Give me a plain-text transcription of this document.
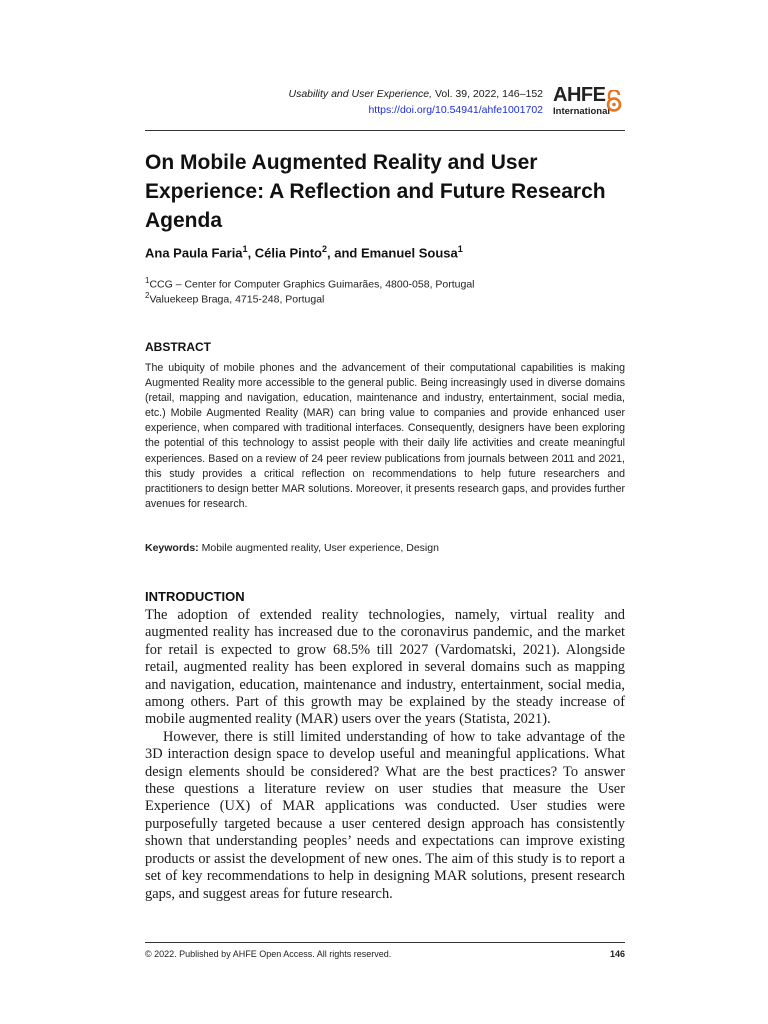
Usability and User Experience, Vol. 39, 2022, 146–152
https://doi.org/10.54941/ahfe1001702
AHFE
International
On Mobile Augmented Reality and User Experience: A Reflection and Future Research Agenda
Ana Paula Faria$^1$, Célia Pinto$^2$, and Emanuel Sousa$^1$
$^1$CCG – Center for Computer Graphics Guimarães, 4800-058, Portugal
$^2$Valuekeep Braga, 4715-248, Portugal
ABSTRACT

The ubiquity of mobile phones and the advancement of their computational capabilities is making Augmented Reality more accessible to the general public. Being increasingly used in diverse domains (retail, mapping and navigation, education, maintenance and industry, entertainment, social media, etc.) Mobile Augmented Reality (MAR) can bring value to companies and provide enhanced user experience, when compared with traditional interfaces. Consequently, designers have been exploring the potential of this technology to assist people with their daily life activities and create meaningful experiences. Based on a review of 24 peer review publications from journals between 2011 and 2021, this study provides a critical reflection on recommendations to help future researchers and practitioners to design better MAR solutions. Moreover, it presents research gaps, and provides further avenues for research.

Keywords: Mobile augmented reality, User experience, Design
INTRODUCTION

The adoption of extended reality technologies, namely, virtual reality and augmented reality has increased due to the coronavirus pandemic, and the market for retail is expected to grow 68.5% till 2027 (Vardomatski, 2021). Alongside retail, augmented reality has been explored in several domains such as mapping and navigation, education, maintenance and industry, entertainment, social media, among others. Part of this growth may be explained by the steady increase of mobile augmented reality (MAR) users over the years (Statista, 2021).

However, there is still limited understanding of how to take advantage of the 3D interaction design space to develop useful and meaningful applications. What design elements should be considered? What are the best practices? To answer these questions a literature review on user studies that measure the User Experience (UX) of MAR applications was conducted. User studies were purposefully targeted because a user centered design approach has consistently shown that understanding peoples’ needs and expectations can improve existing products or assist the development of new ones. The aim of this study is to report a set of key recommendations to help in designing MAR solutions, present research gaps, and suggest areas for future research.

© 2022. Published by AHFE Open Access. All rights reserved.	146
